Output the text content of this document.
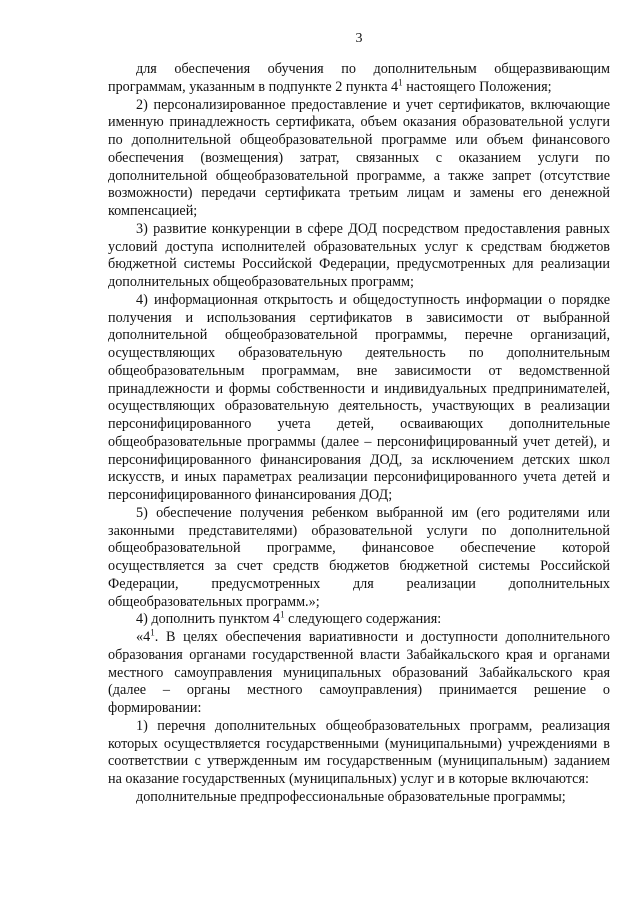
3

для обеспечения обучения по дополнительным общеразвивающим программам, указанным в подпункте 2 пункта $4^1$ настоящего Положения;

2) персонализированное предоставление и учет сертификатов, включающие именную принадлежность сертификата, объем оказания образовательной услуги по дополнительной общеобразовательной программе или объем финансового обеспечения (возмещения) затрат, связанных с оказанием услуги по дополнительной общеобразовательной программе, а также запрет (отсутствие возможности) передачи сертификата третьим лицам и замены его денежной компенсацией;

3) развитие конкуренции в сфере ДОД посредством предоставления равных условий доступа исполнителей образовательных услуг к средствам бюджетов бюджетной системы Российской Федерации, предусмотренных для реализации дополнительных общеобразовательных программ;

4) информационная открытость и общедоступность информации о порядке получения и использования сертификатов в зависимости от выбранной дополнительной общеобразовательной программы, перечне организаций, осуществляющих образовательную деятельность по дополнительным общеобразовательным программам, вне зависимости от ведомственной принадлежности и формы собственности и индивидуальных предпринимателей, осуществляющих образовательную деятельность, участвующих в реализации персонифицированного учета детей, осваивающих дополнительные общеобразовательные программы (далее – персонифицированный учет детей), и персонифицированного финансирования ДОД, за исключением детских школ искусств, и иных параметрах реализации персонифицированного учета детей и персонифицированного финансирования ДОД;

5) обеспечение получения ребенком выбранной им (его родителями или законными представителями) образовательной услуги по дополнительной общеобразовательной программе, финансовое обеспечение которой осуществляется за счет средств бюджетов бюджетной системы Российской Федерации, предусмотренных для реализации дополнительных общеобразовательных программ.»;

4) дополнить пунктом $4^1$ следующего содержания:

«$4^1$. В целях обеспечения вариативности и доступности дополнительного образования органами государственной власти Забайкальского края и органами местного самоуправления муниципальных образований Забайкальского края (далее – органы местного самоуправления) принимается решение о формировании:

1) перечня дополнительных общеобразовательных программ, реализация которых осуществляется государственными (муниципальными) учреждениями в соответствии с утвержденным им государственным (муниципальным) заданием на оказание государственных (муниципальных) услуг и в которые включаются:

дополнительные предпрофессиональные образовательные программы;
